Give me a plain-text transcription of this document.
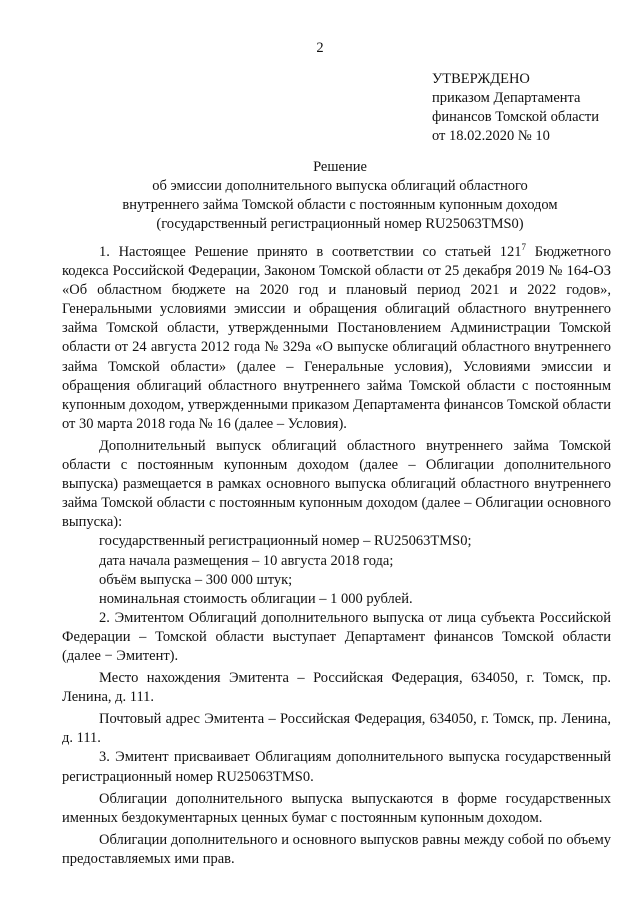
2
УТВЕРЖДЕНО
приказом Департамента
финансов Томской области
от 18.02.2020 № 10
Решение
об эмиссии дополнительного выпуска облигаций областного
внутреннего займа Томской области с постоянным купонным доходом
(государственный регистрационный номер RU25063TMS0)

1. Настоящее Решение принято в соответствии со статьей $121^7$ Бюджетного кодекса Российской Федерации, Законом Томской области от 25 декабря 2019 № 164-ОЗ «Об областном бюджете на 2020 год и плановый период 2021 и 2022 годов», Генеральными условиями эмиссии и обращения облигаций областного внутреннего займа Томской области, утвержденными Постановлением Администрации Томской области от 24 августа 2012 года № 329а «О выпуске облигаций областного внутреннего займа Томской области» (далее – Генеральные условия), Условиями эмиссии и обращения облигаций областного внутреннего займа Томской области с постоянным купонным доходом, утвержденными приказом Департамента финансов Томской области от 30 марта 2018 года № 16 (далее – Условия).

Дополнительный выпуск облигаций областного внутреннего займа Томской области с постоянным купонным доходом (далее – Облигации дополнительного выпуска) размещается в рамках основного выпуска облигаций областного внутреннего займа Томской области с постоянным купонным доходом (далее – Облигации основного выпуска):

государственный регистрационный номер – RU25063TMS0;

дата начала размещения – 10 августа 2018 года;

объём выпуска – 300 000 штук;

номинальная стоимость облигации – 1 000 рублей.

2. Эмитентом Облигаций дополнительного выпуска от лица субъекта Российской Федерации – Томской области выступает Департамент финансов Томской области (далее − Эмитент).

Место нахождения Эмитента – Российская Федерация, 634050, г. Томск, пр. Ленина, д. 111.

Почтовый адрес Эмитента – Российская Федерация, 634050, г. Томск, пр. Ленина, д. 111.

3. Эмитент присваивает Облигациям дополнительного выпуска государственный регистрационный номер RU25063TMS0.

Облигации дополнительного выпуска выпускаются в форме государственных именных бездокументарных ценных бумаг с постоянным купонным доходом.

Облигации дополнительного и основного выпусков равны между собой по объему предоставляемых ими прав.
